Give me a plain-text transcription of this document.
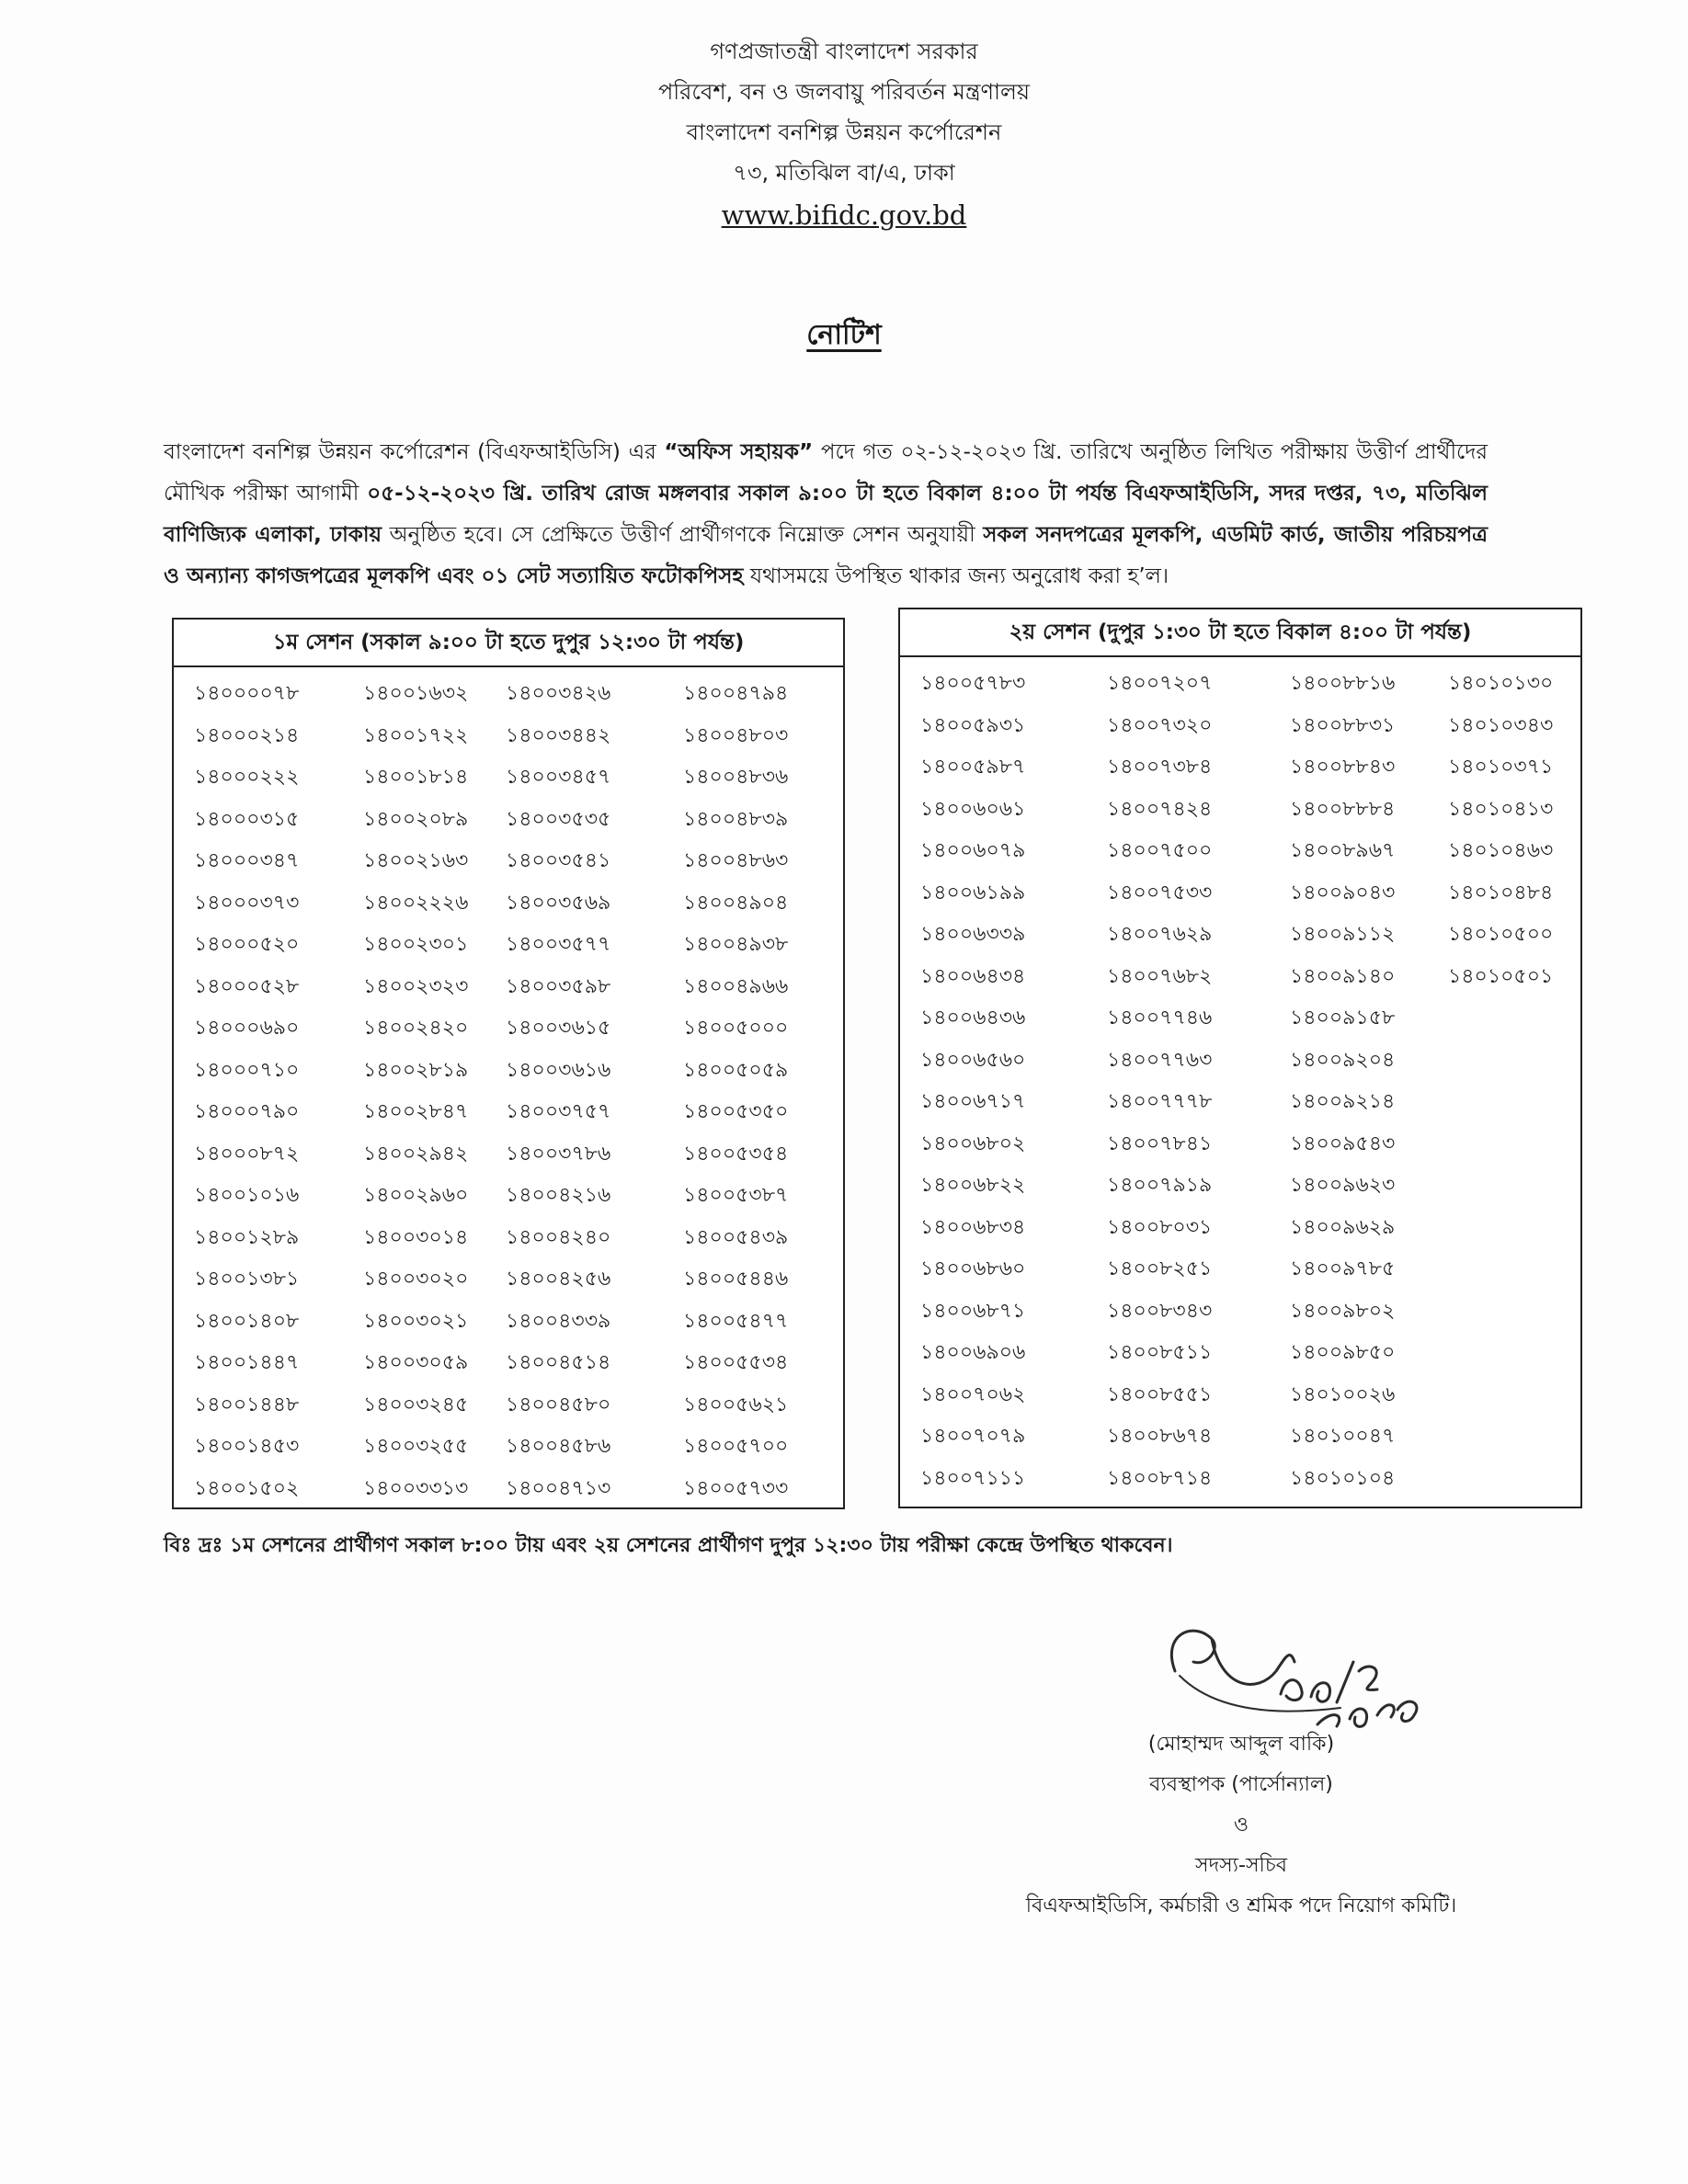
গণপ্রজাতন্ত্রী বাংলাদেশ সরকার
পরিবেশ, বন ও জলবায়ু পরিবর্তন মন্ত্রণালয়
বাংলাদেশ বনশিল্প উন্নয়ন কর্পোরেশন
৭৩, মতিঝিল বা/এ, ঢাকা
www.bifidc.gov.bd
নোটিশ
বাংলাদেশ বনশিল্প উন্নয়ন কর্পোরেশন (বিএফআইডিসি) এর “অফিস সহায়ক” পদে গত ০২-১২-২০২৩ খ্রি. তারিখে অনুষ্ঠিত লিখিত পরীক্ষায় উত্তীর্ণ প্রার্থীদের মৌখিক পরীক্ষা আগামী ০৫-১২-২০২৩ খ্রি. তারিখ রোজ মঙ্গলবার সকাল ৯:০০ টা হতে বিকাল ৪:০০ টা পর্যন্ত বিএফআইডিসি, সদর দপ্তর, ৭৩, মতিঝিল বাণিজ্যিক এলাকা, ঢাকায় অনুষ্ঠিত হবে। সে প্রেক্ষিতে উত্তীর্ণ প্রার্থীগণকে নিম্নোক্ত সেশন অনুযায়ী সকল সনদপত্রের মূলকপি, এডমিট কার্ড, জাতীয় পরিচয়পত্র ও অন্যান্য কাগজপত্রের মূলকপি এবং ০১ সেট সত্যায়িত ফটোকপিসহ যথাসময়ে উপস্থিত থাকার জন্য অনুরোধ করা হ’ল।
১ম সেশন (সকাল ৯:০০ টা হতে দুপুর ১২:৩০ টা পর্যন্ত)
১৪০০০০৭৮	১৪০০১৬৩২	১৪০০৩৪২৬	১৪০০৪৭৯৪
১৪০০০২১৪	১৪০০১৭২২	১৪০০৩৪৪২	১৪০০৪৮০৩
১৪০০০২২২	১৪০০১৮১৪	১৪০০৩৪৫৭	১৪০০৪৮৩৬
১৪০০০৩১৫	১৪০০২০৮৯	১৪০০৩৫৩৫	১৪০০৪৮৩৯
১৪০০০৩৪৭	১৪০০২১৬৩	১৪০০৩৫৪১	১৪০০৪৮৬৩
১৪০০০৩৭৩	১৪০০২২২৬	১৪০০৩৫৬৯	১৪০০৪৯০৪
১৪০০০৫২০	১৪০০২৩০১	১৪০০৩৫৭৭	১৪০০৪৯৩৮
১৪০০০৫২৮	১৪০০২৩২৩	১৪০০৩৫৯৮	১৪০০৪৯৬৬
১৪০০০৬৯০	১৪০০২৪২০	১৪০০৩৬১৫	১৪০০৫০০০
১৪০০০৭১০	১৪০০২৮১৯	১৪০০৩৬১৬	১৪০০৫০৫৯
১৪০০০৭৯০	১৪০০২৮৪৭	১৪০০৩৭৫৭	১৪০০৫৩৫০
১৪০০০৮৭২	১৪০০২৯৪২	১৪০০৩৭৮৬	১৪০০৫৩৫৪
১৪০০১০১৬	১৪০০২৯৬০	১৪০০৪২১৬	১৪০০৫৩৮৭
১৪০০১২৮৯	১৪০০৩০১৪	১৪০০৪২৪০	১৪০০৫৪৩৯
১৪০০১৩৮১	১৪০০৩০২০	১৪০০৪২৫৬	১৪০০৫৪৪৬
১৪০০১৪০৮	১৪০০৩০২১	১৪০০৪৩৩৯	১৪০০৫৪৭৭
১৪০০১৪৪৭	১৪০০৩০৫৯	১৪০০৪৫১৪	১৪০০৫৫৩৪
১৪০০১৪৪৮	১৪০০৩২৪৫	১৪০০৪৫৮০	১৪০০৫৬২১
১৪০০১৪৫৩	১৪০০৩২৫৫	১৪০০৪৫৮৬	১৪০০৫৭০০
১৪০০১৫০২	১৪০০৩৩১৩	১৪০০৪৭১৩	১৪০০৫৭৩৩
২য় সেশন (দুপুর ১:৩০ টা হতে বিকাল ৪:০০ টা পর্যন্ত)
১৪০০৫৭৮৩	১৪০০৭২০৭	১৪০০৮৮১৬	১৪০১০১৩০
১৪০০৫৯৩১	১৪০০৭৩২০	১৪০০৮৮৩১	১৪০১০৩৪৩
১৪০০৫৯৮৭	১৪০০৭৩৮৪	১৪০০৮৮৪৩	১৪০১০৩৭১
১৪০০৬০৬১	১৪০০৭৪২৪	১৪০০৮৮৮৪	১৪০১০৪১৩
১৪০০৬০৭৯	১৪০০৭৫০০	১৪০০৮৯৬৭	১৪০১০৪৬৩
১৪০০৬১৯৯	১৪০০৭৫৩৩	১৪০০৯০৪৩	১৪০১০৪৮৪
১৪০০৬৩৩৯	১৪০০৭৬২৯	১৪০০৯১১২	১৪০১০৫০০
১৪০০৬৪৩৪	১৪০০৭৬৮২	১৪০০৯১৪০	১৪০১০৫০১
১৪০০৬৪৩৬	১৪০০৭৭৪৬	১৪০০৯১৫৮
১৪০০৬৫৬০	১৪০০৭৭৬৩	১৪০০৯২০৪
১৪০০৬৭১৭	১৪০০৭৭৭৮	১৪০০৯২১৪
১৪০০৬৮০২	১৪০০৭৮৪১	১৪০০৯৫৪৩
১৪০০৬৮২২	১৪০০৭৯১৯	১৪০০৯৬২৩
১৪০০৬৮৩৪	১৪০০৮০৩১	১৪০০৯৬২৯
১৪০০৬৮৬০	১৪০০৮২৫১	১৪০০৯৭৮৫
১৪০০৬৮৭১	১৪০০৮৩৪৩	১৪০০৯৮০২
১৪০০৬৯০৬	১৪০০৮৫১১	১৪০০৯৮৫০
১৪০০৭০৬২	১৪০০৮৫৫১	১৪০১০০২৬
১৪০০৭০৭৯	১৪০০৮৬৭৪	১৪০১০০৪৭
১৪০০৭১১১	১৪০০৮৭১৪	১৪০১০১০৪
বিঃ দ্রঃ ১ম সেশনের প্রার্থীগণ সকাল ৮:০০ টায় এবং ২য় সেশনের প্রার্থীগণ দুপুর ১২:৩০ টায় পরীক্ষা কেন্দ্রে উপস্থিত থাকবেন।
(মোহাম্মদ আব্দুল বাকি)
ব্যবস্থাপক (পার্সোন্যাল)
ও
সদস্য-সচিব
বিএফআইডিসি, কর্মচারী ও শ্রমিক পদে নিয়োগ কমিটি।
